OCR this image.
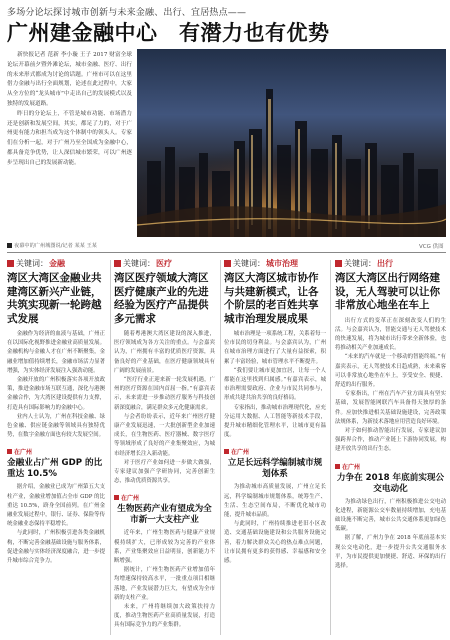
多场分论坛探讨城市创新与未来金融、出行、宜居热点——
广州建金融中心　有潜力也有优势

新快报记者 范新 李小璇 王子 2017 财富全球论坛开幕前夕暨外滩论坛，城市金融、医疗、出行的未来形式都成为讨论的话题。广州市可以在这里借力金融与出行全面规划，论述在此过程中，大家从全方位的“龙头城市”中走出自己的发展模式以及独特的发展道路。

昨日的分论坛上，不管是城市功能、市场潜力还是创新和发展空间，其实，都足了力的，对于广州更有能力和担当成为这个体制中的领头人。专家们在分析一起，对于广州乃至全国成为金融中心，都具备竞争优势，让人深信城市繁荣，可以广州逐步呈现出自己的发展新动能。

夜幕中的广州城图说/记者 某某 王某	VCG 供图
关键词： 金融
湾区大湾区金融业共建湾区新兴产业链，共筑实现新一轮跨越式发展

金融作为经济的血液与基础，广州正在以国际化视野推进金融业高质量发展。金融机构与金融人才在广州不断聚集，金融业增加值持续增长，金融市场活力显著增强，为实体经济发展注入强劲动能。

金融开放的广州积极落实各项开放政策，推进金融市场互联互通，深化与港澳金融合作，为大湾区建设提供有力支撑，打造具有国际影响力的金融中心。

业内人士认为，广州在科技金融、绿色金融、供应链金融等领域具有独特优势，在数字金融方面也有较大发展空间。

在广州
金融业占广州 GDP 的比重达 10.5%

据介绍，金融业已成为广州第五大支柱产业，金融业增加值占全市 GDP 的比重达 10.5%，跻身全国前列。在广州金融业发展过程中，银行、证券、保险等传统金融业态保持平稳增长。

与此同时，广州积极引进各类金融机构，不断完善金融基础设施与服务体系，促进金融与实体经济深度融合，进一步提升城市综合竞争力。

关键词： 医疗
湾区医疗领域大湾区医疗健康产业的先进经验为医疗产品提供多元需求

随着粤港澳大湾区建设的深入推进，医疗领域成为各方关注的重点。与会嘉宾认为，广州拥有丰富的优质医疗资源，具备良好的产业基础，在医疗健康领域具有广阔的发展前景。

“医疗行业正迎来新一轮发展机遇，广州的医疗资源在国内首屈一指。”有嘉宾表示，未来需进一步推动医疗服务与科技创新深度融合，满足群众多元化健康需求。

与会者纷纷表示，近年来广州医疗健康产业发展迅速，一大批创新型企业加速成长，在生物医药、医疗器械、数字医疗等领域形成了良好的产业集聚效应，为城市经济增长注入新动能。

对于医疗产业如何进一步做大做强，专家建议加强产学研协同，完善创新生态，推动优质资源共享。

在广州
生物医药产业有望成为全市新一大支柱产业

近年来，广州生物医药与健康产业规模持续扩大，已形成较为完善的产业体系，产业集聚效应日益明显，创新能力不断增强。

据统计，广州生物医药产业增加值年均增速保持较高水平，一批重点项目相继落地，产业发展潜力巨大，有望成为全市新的支柱产业。

未来，广州将继续加大政策扶持力度，推动生物医药产业高质量发展，打造具有国际竞争力的产业集群。

关键词： 城市治理
湾区大湾区城市协作与共建新模式，让各个阶层的老百姓共享城市治理发展成果

城市治理是一项系统工程，关系着每一位市民的切身利益。与会嘉宾认为，广州在城市治理方面进行了大量有益探索，积累了丰富经验，城市管理水平不断提升。

“我们要让城市更加宜居，让每一个人都能在这里找到归属感。”有嘉宾表示，城市治理需要政府、企业与市民共同参与，形成共建共治共享的良好格局。

专家指出，推动城市治理现代化，应充分运用大数据、人工智能等新技术手段，提升城市精细化管理水平，让城市更有温度。

在广州
立足长远科学编制城市规划体系

为推动城市高质量发展，广州立足长远，科学编制城市规划体系，统筹生产、生活、生态空间布局，不断优化城市功能，提升城市品质。

与此同时，广州持续推进老旧小区改造、交通基础设施建设和公共服务设施完善，着力解决群众关心的热点难点问题，让市民拥有更多的获得感、幸福感和安全感。

关键词： 出行
湾区大湾区出行网络建设，无人驾驶可以让你非常放心地坐在车上

出行方式的变革正在深刻改变人们的生活。与会嘉宾认为，智能交通与无人驾驶技术的快速发展，将为城市出行带来全新体验，也将推动相关产业加速成长。

“未来的汽车就是一个移动的智能终端。”有嘉宾表示，无人驾驶技术日趋成熟，未来乘客可以非常放心地坐在车上，享受安全、便捷、舒适的出行服务。

专家指出，广州在汽车产业方面具有坚实基础，发展智能网联汽车具备得天独厚的条件。应加快推进相关基础设施建设，完善政策法规体系，为新技术落地应用营造良好环境。

对于如何推动智能出行发展，专家建议加强跨界合作，推动产业链上下游协同发展，构建开放共享的出行生态。

在广州
力争在 2018 年底前实现公交电动化

为推动绿色出行，广州积极推进公交电动化进程，新能源公交车数量持续增加，充电基础设施不断完善，城市公共交通体系更加绿色低碳。

据了解，广州力争在 2018 年底前基本实现公交电动化，进一步提升公共交通服务水平，为市民提供更加便捷、舒适、环保的出行选择。
